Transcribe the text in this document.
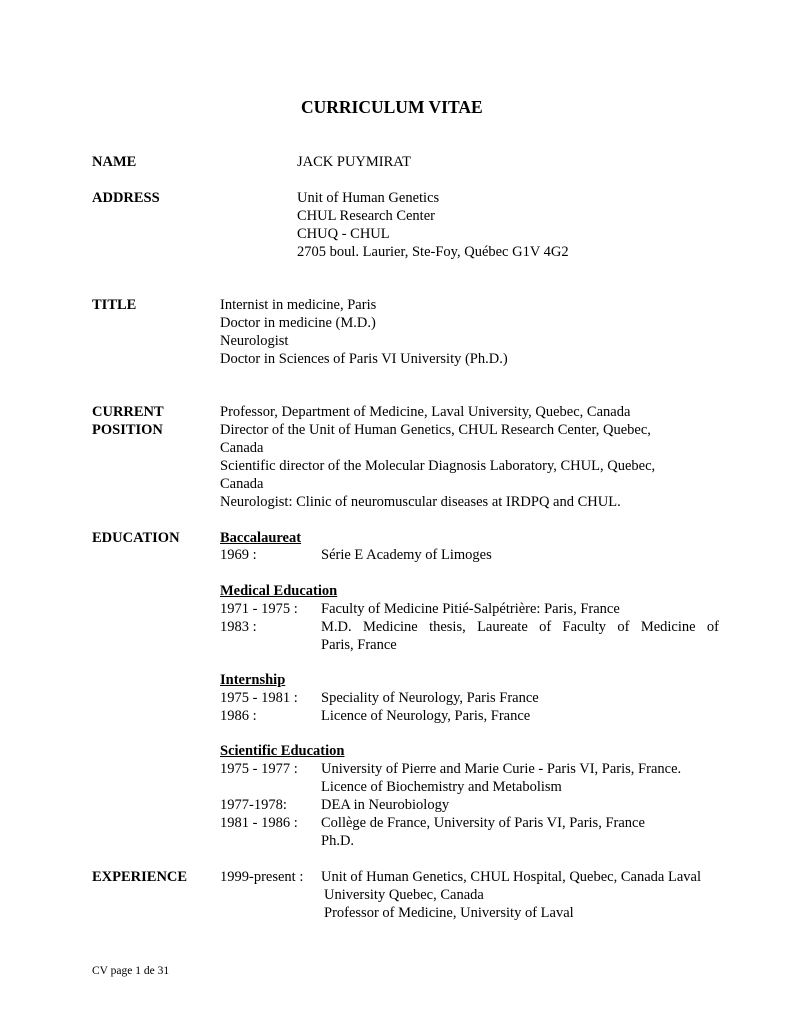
CURRICULUM VITAE
NAME	JACK PUYMIRAT
ADDRESS	Unit of Human Genetics
CHUL Research Center
CHUQ - CHUL
2705 boul. Laurier, Ste-Foy, Québec G1V 4G2
TITLE	Internist in medicine, Paris
Doctor in medicine (M.D.)
Neurologist
Doctor in Sciences of Paris VI University (Ph.D.)
CURRENT
POSITION
Professor, Department of Medicine, Laval University, Quebec, Canada
Director of the Unit of Human Genetics, CHUL Research Center, Quebec,
Canada
Scientific director of the Molecular Diagnosis Laboratory, CHUL, Quebec,
Canada
Neurologist: Clinic of neuromuscular diseases at IRDPQ and CHUL.
EDUCATION	Baccalaureat
1969 :	Série E Academy of Limoges
Medical Education
1971 - 1975 : Faculty of Medicine Pitié-Salpétrière: Paris, France
1983 :	M.D. Medicine thesis, Laureate of Faculty of Medicine of
Paris, France
Internship
1975 - 1981 : Speciality of Neurology, Paris France
1986 :	Licence of Neurology, Paris, France
Scientific Education
1975 - 1977 : University of Pierre and Marie Curie - Paris VI, Paris, France.
Licence of Biochemistry and Metabolism
1977-1978: DEA in Neurobiology
1981 - 1986 : Collège de France, University of Paris VI, Paris, France
Ph.D.
EXPERIENCE 1999-present : Unit of Human Genetics, CHUL Hospital, Quebec, Canada Laval
University Quebec, Canada
Professor of Medicine, University of Laval
CV page 1 de 31
